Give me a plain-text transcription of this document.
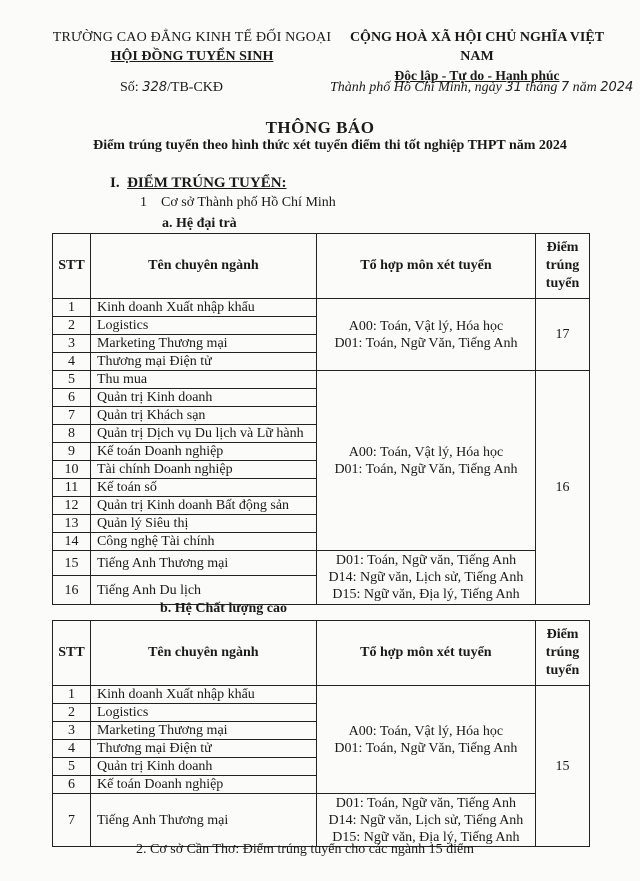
TRƯỜNG CAO ĐẲNG KINH TẾ ĐỐI NGOẠI
HỘI ĐỒNG TUYỂN SINH
CỘNG HOÀ XÃ HỘI CHỦ NGHĨA VIỆT NAM
Độc lập - Tự do - Hạnh phúc
Số: 328/TB-CKĐ	Thành phố Hồ Chí Minh, ngày 31 tháng 7 năm 2024
THÔNG BÁO
Điểm trúng tuyển theo hình thức xét tuyển điểm thi tốt nghiệp THPT năm 2024
I. ĐIỂM TRÚNG TUYỂN:
1    Cơ sở Thành phố Hồ Chí Minh
a. Hệ đại trà
STT	Tên chuyên ngành	Tổ hợp môn xét tuyển	Điểm
trúng
tuyển

1	Kinh doanh Xuất nhập khẩu	A00: Toán, Vật lý, Hóa học
D01: Toán, Ngữ Văn, Tiếng Anh	17
2	Logistics		
3	Marketing Thương mại		
4	Thương mại Điện tử		
5	Thu mua	A00: Toán, Vật lý, Hóa học
D01: Toán, Ngữ Văn, Tiếng Anh	16
6	Quản trị Kinh doanh		
7	Quản trị Khách sạn		
8	Quản trị Dịch vụ Du lịch và Lữ hành		
9	Kế toán Doanh nghiệp		
10	Tài chính Doanh nghiệp		
11	Kế toán số		
12	Quản trị Kinh doanh Bất động sản		
13	Quản lý Siêu thị		
14	Công nghệ Tài chính		
15	Tiếng Anh Thương mại	D01: Toán, Ngữ văn, Tiếng Anh
D14: Ngữ văn, Lịch sử, Tiếng Anh
D15: Ngữ văn, Địa lý, Tiếng Anh	

16	Tiếng Anh Du lịch		
b. Hệ Chất lượng cao
STT	Tên chuyên ngành	Tổ hợp môn xét tuyển	Điểm
trúng
tuyển

1	Kinh doanh Xuất nhập khẩu	A00: Toán, Vật lý, Hóa học
D01: Toán, Ngữ Văn, Tiếng Anh	15
2	Logistics		
3	Marketing Thương mại		
4	Thương mại Điện tử		
5	Quản trị Kinh doanh		
6	Kế toán Doanh nghiệp		
7	Tiếng Anh Thương mại	D01: Toán, Ngữ văn, Tiếng Anh
D14: Ngữ văn, Lịch sử, Tiếng Anh
D15: Ngữ văn, Địa lý, Tiếng Anh	
2. Cơ sở Cần Thơ: Điểm trúng tuyển cho các ngành 15 điểm
